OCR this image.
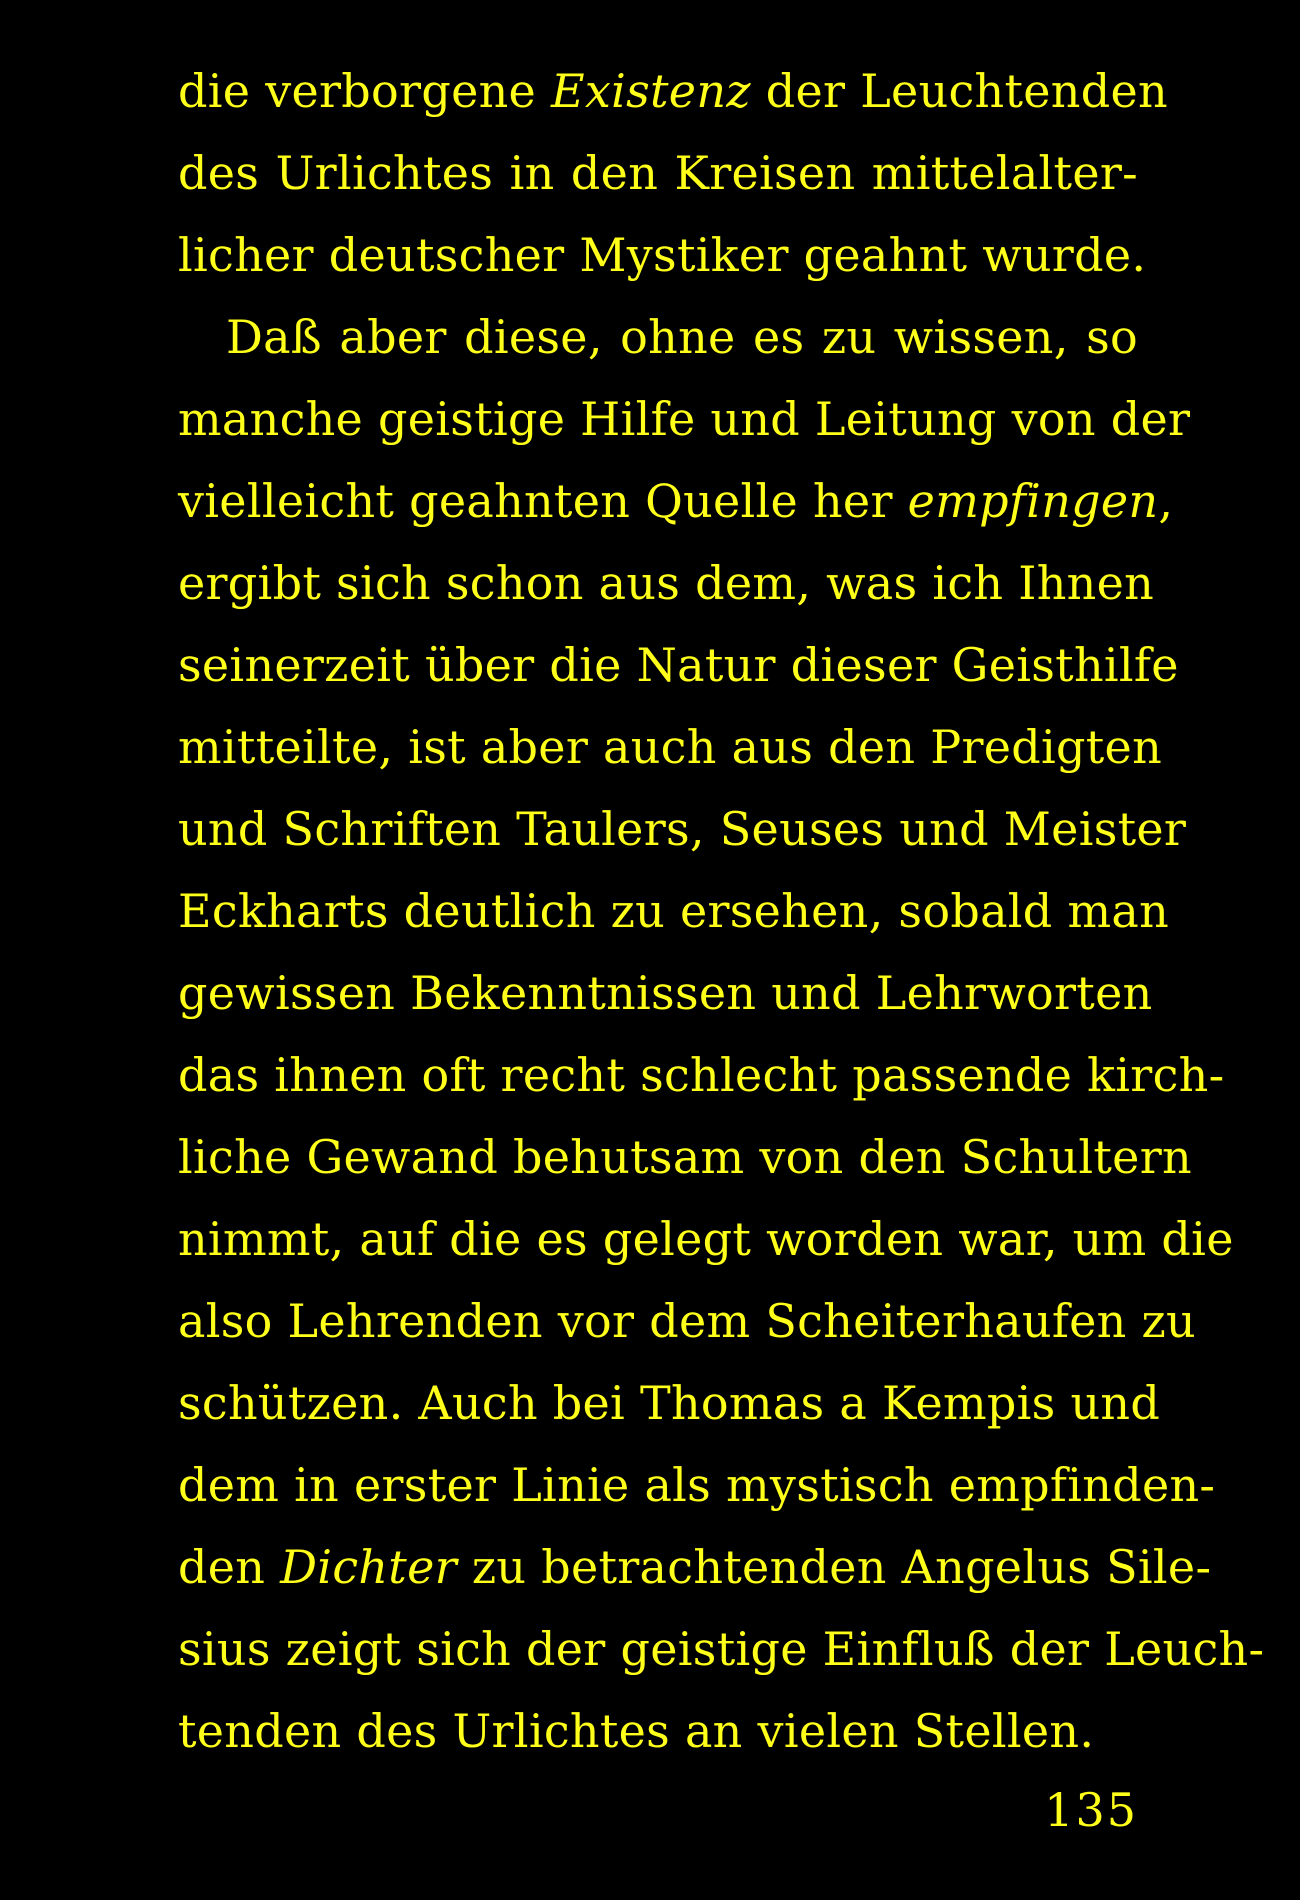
die verborgene Existenz der Leuchtenden
des Urlichtes in den Kreisen mittelalter-
licher deutscher Mystiker geahnt wurde.
Daß aber diese, ohne es zu wissen, so
manche geistige Hilfe und Leitung von der
vielleicht geahnten Quelle her empfingen,
ergibt sich schon aus dem, was ich Ihnen
seinerzeit über die Natur dieser Geisthilfe
mitteilte, ist aber auch aus den Predigten
und Schriften Taulers, Seuses und Meister
Eckharts deutlich zu ersehen, sobald man
gewissen Bekenntnissen und Lehrworten
das ihnen oft recht schlecht passende kirch-
liche Gewand behutsam von den Schultern
nimmt, auf die es gelegt worden war, um die
also Lehrenden vor dem Scheiterhaufen zu
schützen. Auch bei Thomas a Kempis und
dem in erster Linie als mystisch empfinden-
den Dichter zu betrachtenden Angelus Sile-
sius zeigt sich der geistige Einfluß der Leuch-
tenden des Urlichtes an vielen Stellen.
135
